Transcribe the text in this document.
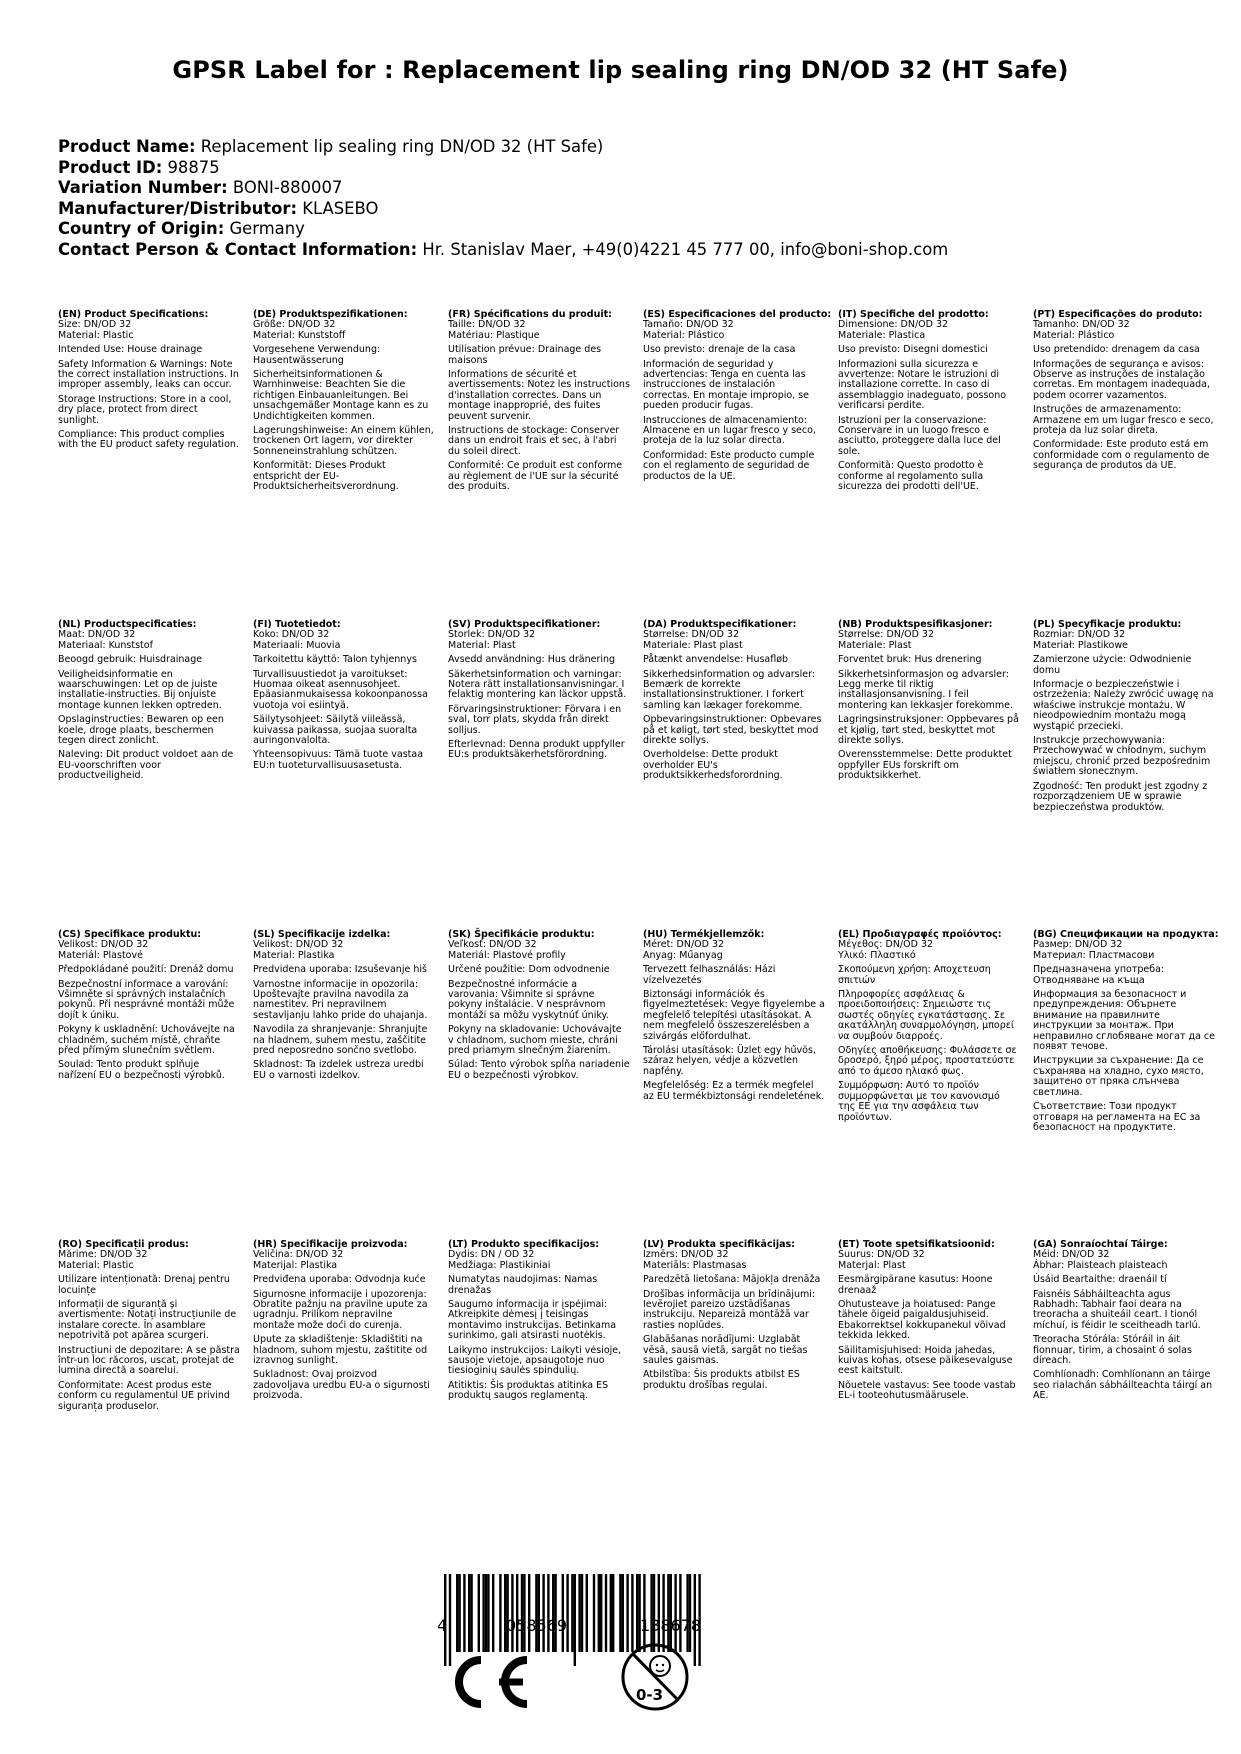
GPSR Label for : Replacement lip sealing ring DN/OD 32 (HT Safe)
Product Name: Replacement lip sealing ring DN/OD 32 (HT Safe)
Product ID: 98875
Variation Number: BONI-880007
Manufacturer/Distributor: KLASEBO
Country of Origin: Germany
Contact Person & Contact Information: Hr. Stanislav Maer, +49(0)4221 45 777 00, info@boni-shop.com
(EN) Product Specifications:
Size: DN/OD 32
Material: Plastic
Intended Use: House drainage
Safety Information & Warnings: Note the correct installation instructions. In improper assembly, leaks can occur.
Storage Instructions: Store in a cool, dry place, protect from direct sunlight.
Compliance: This product complies with the EU product safety regulation.
(DE) Produktspezifikationen:
Größe: DN/OD 32
Material: Kunststoff
Vorgesehene Verwendung: Hausentwässerung
Sicherheitsinformationen & Warnhinweise: Beachten Sie die richtigen Einbauanleitungen. Bei unsachgemäßer Montage kann es zu Undichtigkeiten kommen.
Lagerungshinweise: An einem kühlen, trockenen Ort lagern, vor direkter Sonneneinstrahlung schützen.
Konformität: Dieses Produkt entspricht der EU-Produktsicherheitsverordnung.
(FR) Spécifications du produit:
Taille: DN/OD 32
Matériau: Plastique
Utilisation prévue: Drainage des maisons
Informations de sécurité et avertissements: Notez les instructions d'installation correctes. Dans un montage inapproprié, des fuites peuvent survenir.
Instructions de stockage: Conserver dans un endroit frais et sec, à l'abri du soleil direct.
Conformité: Ce produit est conforme au règlement de l'UE sur la sécurité des produits.
(ES) Especificaciones del producto:
Tamaño: DN/OD 32
Material: Plástico
Uso previsto: drenaje de la casa
Información de seguridad y advertencias: Tenga en cuenta las instrucciones de instalación correctas. En montaje impropio, se pueden producir fugas.
Instrucciones de almacenamiento: Almacene en un lugar fresco y seco, proteja de la luz solar directa.
Conformidad: Este producto cumple con el reglamento de seguridad de productos de la UE.
(IT) Specifiche del prodotto:
Dimensione: DN/OD 32
Materiale: Plastica
Uso previsto: Disegni domestici
Informazioni sulla sicurezza e avvertenze: Notare le istruzioni di installazione corrette. In caso di assemblaggio inadeguato, possono verificarsi perdite.
Istruzioni per la conservazione: Conservare in un luogo fresco e asciutto, proteggere dalla luce del sole.
Conformità: Questo prodotto è conforme al regolamento sulla sicurezza dei prodotti dell'UE.
(PT) Especificações do produto:
Tamanho: DN/OD 32
Material: Plástico
Uso pretendido: drenagem da casa
Informações de segurança e avisos: Observe as instruções de instalação corretas. Em montagem inadequada, podem ocorrer vazamentos.
Instruções de armazenamento: Armazene em um lugar fresco e seco, proteja da luz solar direta.
Conformidade: Este produto está em conformidade com o regulamento de segurança de produtos da UE.
(NL) Productspecificaties:
Maat: DN/OD 32
Materiaal: Kunststof
Beoogd gebruik: Huisdrainage
Veiligheidsinformatie en waarschuwingen: Let op de juiste installatie-instructies. Bij onjuiste montage kunnen lekken optreden.
Opslaginstructies: Bewaren op een koele, droge plaats, beschermen tegen direct zonlicht.
Naleving: Dit product voldoet aan de EU-voorschriften voor productveiligheid.
(FI) Tuotetiedot:
Koko: DN/OD 32
Materiaali: Muovia
Tarkoitettu käyttö: Talon tyhjennys
Turvallisuustiedot ja varoitukset: Huomaa oikeat asennusohjeet. Epäasianmukaisessa kokoonpanossa vuotoja voi esiintyä.
Säilytysohjeet: Säilytä viileässä, kuivassa paikassa, suojaa suoralta auringonvalolta.
Yhteensopivuus: Tämä tuote vastaa EU:n tuoteturvallisuusasetusta.
(SV) Produktspecifikationer:
Storlek: DN/OD 32
Material: Plast
Avsedd användning: Hus dränering
Säkerhetsinformation och varningar: Notera rätt installationsanvisningar. I felaktig montering kan läckor uppstå.
Förvaringsinstruktioner: Förvara i en sval, torr plats, skydda från direkt solljus.
Efterlevnad: Denna produkt uppfyller EU:s produktsäkerhetsförordning.
(DA) Produktspecifikationer:
Størrelse: DN/OD 32
Materiale: Plast plast
Påtænkt anvendelse: Husafløb
Sikkerhedsinformation og advarsler: Bemærk de korrekte installationsinstruktioner. I forkert samling kan lækager forekomme.
Opbevaringsinstruktioner: Opbevares på et køligt, tørt sted, beskyttet mod direkte sollys.
Overholdelse: Dette produkt overholder EU's produktsikkerhedsforordning.
(NB) Produktspesifikasjoner:
Størrelse: DN/OD 32
Materiale: Plast
Forventet bruk: Hus drenering
Sikkerhetsinformasjon og advarsler: Legg merke til riktig installasjonsanvisning. I feil montering kan lekkasjer forekomme.
Lagringsinstruksjoner: Oppbevares på et kjølig, tørt sted, beskyttet mot direkte sollys.
Overensstemmelse: Dette produktet oppfyller EUs forskrift om produktsikkerhet.
(PL) Specyfikacje produktu:
Rozmiar: DN/OD 32
Materiał: Plastikowe
Zamierzone użycie: Odwodnienie domu
Informacje o bezpieczeństwie i ostrzeżenia: Należy zwrócić uwagę na właściwe instrukcje montażu. W nieodpowiednim montażu mogą wystąpić przecieki.
Instrukcje przechowywania: Przechowywać w chłodnym, suchym miejscu, chronić przed bezpośrednim światłem słonecznym.
Zgodność: Ten produkt jest zgodny z rozporządzeniem UE w sprawie bezpieczeństwa produktów.
(CS) Specifikace produktu:
Velikost: DN/OD 32
Materiál: Plastové
Předpokládané použití: Drenáž domu
Bezpečnostní informace a varování: Všimněte si správných instalačních pokynů. Při nesprávné montáži může dojít k úniku.
Pokyny k uskladnění: Uchovávejte na chladném, suchém místě, chraňte před přímým slunečním světlem.
Soulad: Tento produkt splňuje nařízení EU o bezpečnosti výrobků.
(SL) Specifikacije izdelka:
Velikost: DN/OD 32
Material: Plastika
Predvidena uporaba: Izsuševanje hiš
Varnostne informacije in opozorila: Upoštevajte pravilna navodila za namestitev. Pri nepravilnem sestavljanju lahko pride do uhajanja.
Navodila za shranjevanje: Shranjujte na hladnem, suhem mestu, zaščitite pred neposredno sončno svetlobo.
Skladnost: Ta izdelek ustreza uredbi EU o varnosti izdelkov.
(SK) Špecifikácie produktu:
Veľkosť: DN/OD 32
Materiál: Plastové profily
Určené použitie: Dom odvodnenie
Bezpečnostné informácie a varovania: Všimnite si správne pokyny inštalácie. V nesprávnom montáži sa môžu vyskytnúť úniky.
Pokyny na skladovanie: Uchovávajte v chladnom, suchom mieste, chráni pred priamym slnečným žiarením.
Súlad: Tento výrobok spĺňa nariadenie EU o bezpečnosti výrobkov.
(HU) Termékjellemzők:
Méret: DN/OD 32
Anyag: Műanyag
Tervezett felhasználás: Házi vízelvezetés
Biztonsági információk és figyelmeztetések: Vegye figyelembe a megfelelő telepítési utasításokat. A nem megfelelő összeszerelésben a szivárgás előfordulhat.
Tárolási utasítások: Üzlet egy hűvös, száraz helyen, védje a közvetlen napfény.
Megfelelőség: Ez a termék megfelel az EU termékbiztonsági rendeletének.
(EL) Προδιαγραφές προϊόντος:
Μέγεθος: DN/OD 32
Υλικό: Πλαστικό
Σκοπούμενη χρήση: Αποχετευση σπιτιών
Πληροφορίες ασφάλειας & προειδοποιήσεις: Σημειώστε τις σωστές οδηγίες εγκατάστασης. Σε ακατάλληλη συναρμολόγηση, μπορεί να συμβούν διαρροές.
Οδηγίες αποθήκευσης: Φυλάσσετε σε δροσερό, ξηρό μέρος, προστατεύστε από το άμεσο ηλιακό φως.
Συμμόρφωση: Αυτό το προϊόν συμμορφώνεται με τον κανονισμό της ΕΕ για την ασφάλεια των προϊόντων.
(BG) Спецификации на продукта:
Размер: DN/OD 32
Материал: Пластмасови
Предназначена употреба: Отводняване на къща
Информация за безопасност и предупреждения: Обърнете внимание на правилните инструкции за монтаж. При неправилно сглобяване могат да се появят течове.
Инструкции за съхранение: Да се съхранява на хладно, сухо място, защитено от пряка слънчева светлина.
Съответствие: Този продукт отговаря на регламента на ЕС за безопасност на продуктите.
(RO) Specificații produs:
Mărime: DN/OD 32
Material: Plastic
Utilizare intenționată: Drenaj pentru locuințe
Informații de siguranță și avertismente: Notați instrucțiunile de instalare corecte. În asamblare nepotrivită pot apărea scurgeri.
Instrucțiuni de depozitare: A se păstra într-un loc răcoros, uscat, protejat de lumina directă a soarelui.
Conformitate: Acest produs este conform cu regulamentul UE privind siguranța produselor.
(HR) Specifikacije proizvoda:
Veličina: DN/OD 32
Materijal: Plastika
Predviđena uporaba: Odvodnja kuće
Sigurnosne informacije i upozorenja: Obratite pažnju na pravilne upute za ugradnju. Prilikom nepravilne montaže može doći do curenja.
Upute za skladištenje: Skladištiti na hladnom, suhom mjestu, zaštitite od izravnog sunlight.
Sukladnost: Ovaj proizvod zadovoljava uredbu EU-a o sigurnosti proizvoda.
(LT) Produkto specifikacijos:
Dydis: DN / OD 32
Medžiaga: Plastikiniai
Numatytas naudojimas: Namas drenažas
Saugumo informacija ir įspėjimai: Atkreipkite dėmesį į teisingas montavimo instrukcijas. Betinkama surinkimo, gali atsirasti nuotėkis.
Laikymo instrukcijos: Laikyti vėsioje, sausoje vietoje, apsaugotoje nuo tiesioginių saulės spindulių.
Atitiktis: Šis produktas atitinka ES produktų saugos reglamentą.
(LV) Produkta specifikācijas:
Izmērs: DN/OD 32
Materiāls: Plastmasas
Paredzētā lietošana: Mājokļa drenāža
Drošības informācija un brīdinājumi: Ievērojiet pareizo uzstādīšanas instrukciju. Nepareizā montāžā var rasties noplūdes.
Glabāšanas norādījumi: Uzglabāt vēsā, sausā vietā, sargāt no tiešas saules gaismas.
Atbilstība: Šis produkts atbilst ES produktu drošības regulai.
(ET) Toote spetsifikatsioonid:
Suurus: DN/OD 32
Materjal: Plast
Eesmärgipärane kasutus: Hoone drenaaž
Ohutusteave ja hoiatused: Pange tähele õigeid paigaldusjuhiseid. Ebakorrektsel kokkupanekul võivad tekkida lekked.
Säilitamisjuhised: Hoida jahedas, kuivas kohas, otsese päikesevalguse eest kaitstult.
Nõuetele vastavus: See toode vastab EL-i tooteohutusmäärusele.
(GA) Sonraíochtaí Táirge:
Méid: DN/OD 32
Ábhar: Plaisteach plaisteach
Úsáid Beartaithe: draenáil tí
Faisnéis Sábháilteachta agus Rabhadh: Tabhair faoi deara na treoracha a shuiteáil ceart. I tionól míchuí, is féidir le sceitheadh tarlú.
Treoracha Stórála: Stóráil in áit fionnuar, tirim, a chosaint ó solas díreach.
Comhlíonadh: Comhlíonann an táirge seo rialachán sábháilteachta táirgí an AE.
4	058569	138678
0-3
